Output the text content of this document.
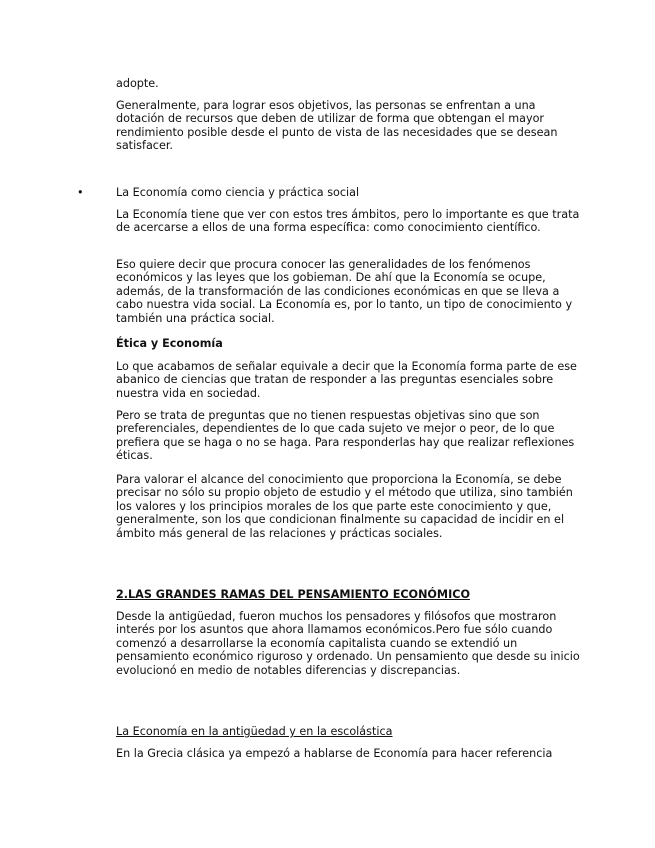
adopte.

Generalmente, para lograr esos objetivos, las personas se enfrentan a una dotación de recursos que deben de utilizar de forma que obtengan el mayor rendimiento posible desde el punto de vista de las necesidades que se desean satisfacer.

•	La Economía como ciencia y práctica social

La Economía tiene que ver con estos tres ámbitos, pero lo importante es que trata de acercarse a ellos de una forma específica: como conocimiento científico.

Eso quiere decir que procura conocer las generalidades de los fenómenos económicos y las leyes que los gobieman. De ahí que la Economía se ocupe, además, de la transformación de las condiciones económicas en que se lleva a cabo nuestra vida social. La Economía es, por lo tanto, un tipo de conocimiento y también una práctica social.

Ética y Economía

Lo que acabamos de señalar equivale a decir que la Economía forma parte de ese abanico de ciencias que tratan de responder a las preguntas esenciales sobre nuestra vida en sociedad.

Pero se trata de preguntas que no tienen respuestas objetivas sino que son preferenciales, dependientes de lo que cada sujeto ve mejor o peor, de lo que prefiera que se haga o no se haga. Para responderlas hay que realizar reflexiones éticas.

Para valorar el alcance del conocimiento que proporciona la Economía, se debe precisar no sólo su propio objeto de estudio y el método que utiliza, sino también los valores y los principios morales de los que parte este conocimiento y que, generalmente, son los que condicionan finalmente su capacidad de incidir en el ámbito más general de las relaciones y prácticas sociales.

2.LAS GRANDES RAMAS DEL PENSAMIENTO ECONÓMICO

Desde la antigüedad, fueron muchos los pensadores y filósofos que mostraron interés por los asuntos que ahora llamamos económicos.Pero fue sólo cuando comenzó a desarrollarse la economía capitalista cuando se extendió un pensamiento económico riguroso y ordenado. Un pensamiento que desde su inicio evolucionó en medio de notables diferencias y discrepancias.

La Economía en la antigüedad y en la escolástica

En la Grecia clásica ya empezó a hablarse de Economía para hacer referencia
